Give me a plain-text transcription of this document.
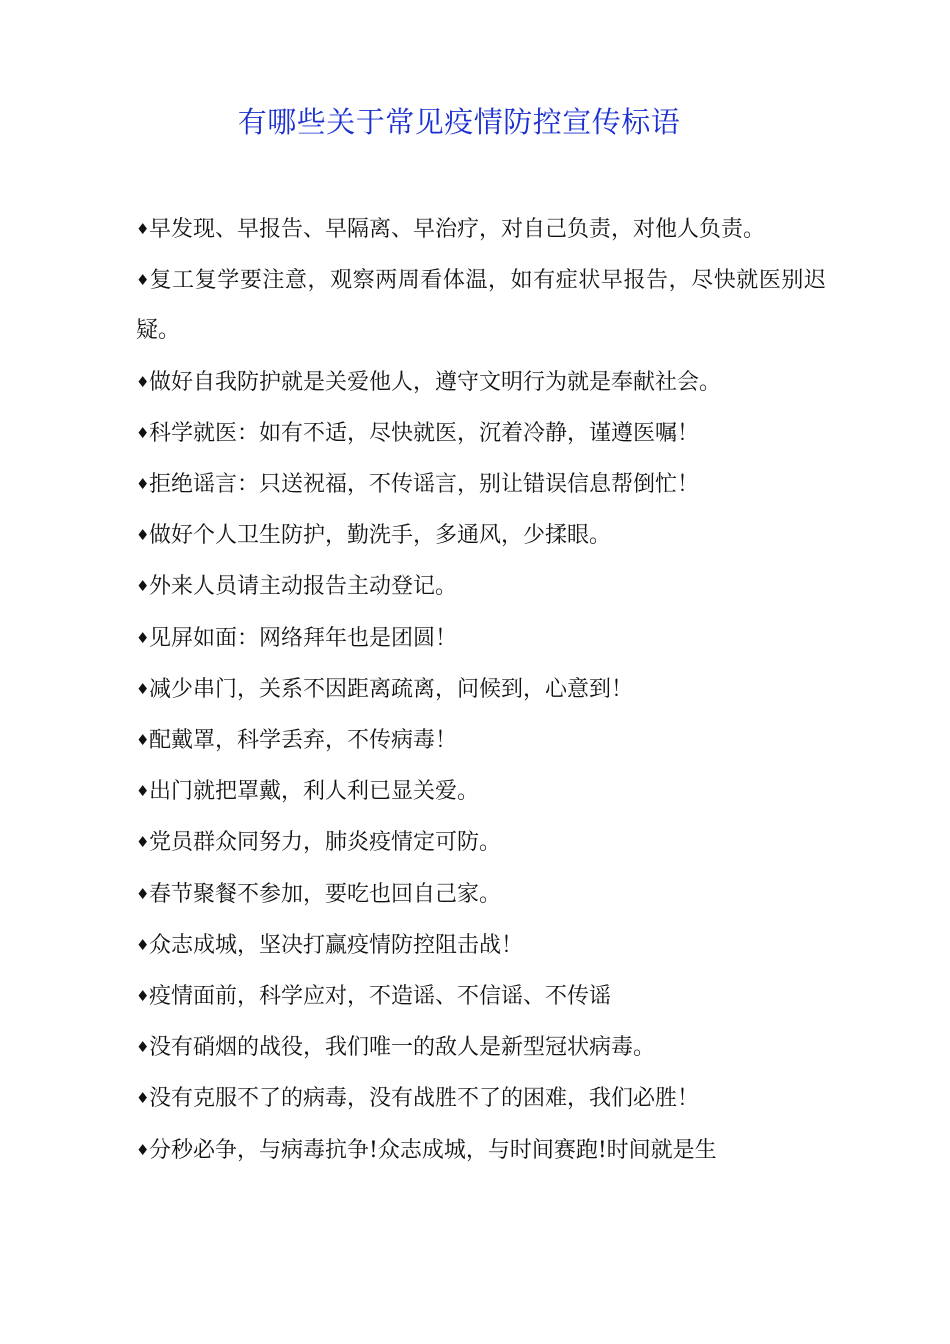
有哪些关于常见疫情防控宣传标语
♦早发现、早报告、早隔离、早治疗，对自己负责，对他人负责。
♦复工复学要注意，观察两周看体温，如有症状早报告，尽快就医别迟疑。
♦做好自我防护就是关爱他人，遵守文明行为就是奉献社会。
♦科学就医：如有不适，尽快就医，沉着冷静，谨遵医嘱！
♦拒绝谣言：只送祝福，不传谣言，别让错误信息帮倒忙！
♦做好个人卫生防护，勤洗手，多通风，少揉眼。
♦外来人员请主动报告主动登记。
♦见屏如面：网络拜年也是团圆！
♦减少串门，关系不因距离疏离，问候到，心意到！
♦配戴罩，科学丢弃，不传病毒！
♦出门就把罩戴，利人利已显关爱。
♦党员群众同努力，肺炎疫情定可防。
♦春节聚餐不参加，要吃也回自己家。
♦众志成城，坚决打赢疫情防控阻击战！
♦疫情面前，科学应对，不造谣、不信谣、不传谣
♦没有硝烟的战役，我们唯一的敌人是新型冠状病毒。
♦没有克服不了的病毒，没有战胜不了的困难，我们必胜！
♦分秒必争，与病毒抗争!众志成城，与时间赛跑!时间就是生
